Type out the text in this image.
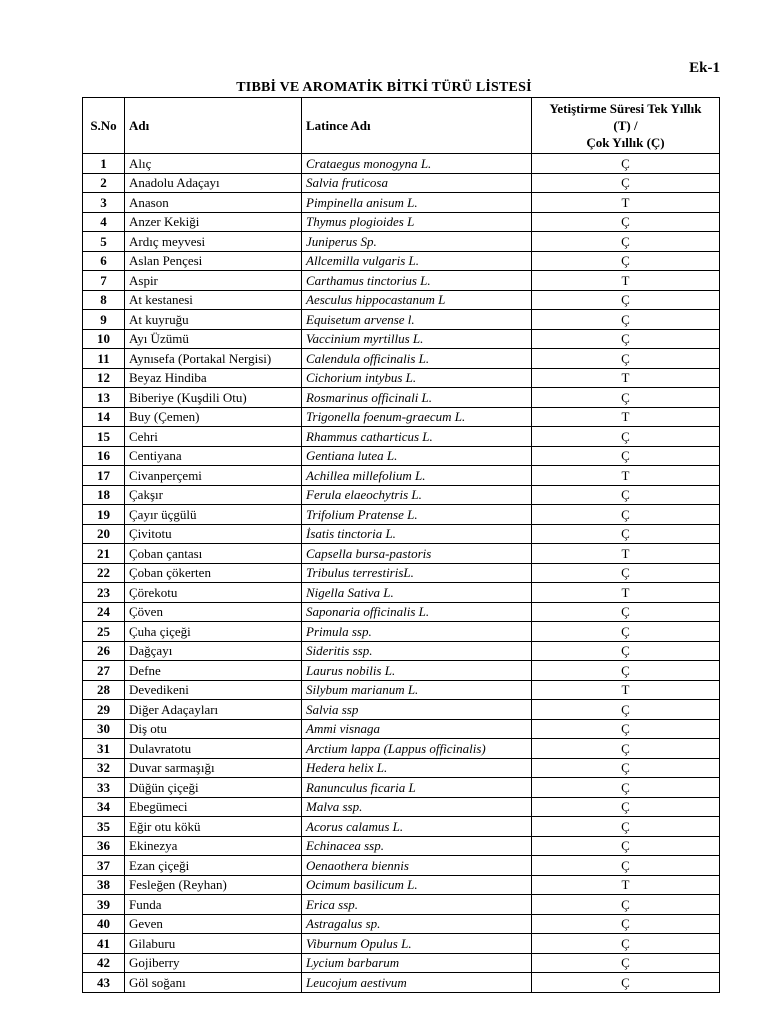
Ek-1
TIBBİ VE AROMATİK BİTKİ TÜRÜ LİSTESİ
S.No	Adı	Latince Adı	Yetiştirme Süresi Tek Yıllık
(T) /
Çok Yıllık (Ç)

1	Alıç	Crataegus monogyna L.	Ç
2	Anadolu Adaçayı	Salvia fruticosa	Ç
3	Anason	Pimpinella anisum L.	T
4	Anzer Kekiği	Thymus plogioides L	Ç
5	Ardıç meyvesi	Juniperus Sp.	Ç
6	Aslan Pençesi	Allcemilla vulgaris L.	Ç
7	Aspir	Carthamus tinctorius L.	T
8	At kestanesi	Aesculus hippocastanum L	Ç
9	At kuyruğu	Equisetum arvense l.	Ç
10	Ayı Üzümü	Vaccinium myrtillus L.	Ç
11	Aynısefa (Portakal Nergisi)	Calendula officinalis L.	Ç
12	Beyaz Hindiba	Cichorium intybus L.	T
13	Biberiye (Kuşdili Otu)	Rosmarinus officinali L.	Ç
14	Buy (Çemen)	Trigonella foenum-graecum L.	T
15	Cehri	Rhammus catharticus L.	Ç
16	Centiyana	Gentiana lutea L.	Ç
17	Civanperçemi	Achillea millefolium L.	T
18	Çakşır	Ferula elaeochytris L.	Ç
19	Çayır üçgülü	Trifolium Pratense L.	Ç
20	Çivitotu	İsatis tinctoria L.	Ç
21	Çoban çantası	Capsella bursa-pastoris	T
22	Çoban çökerten	Tribulus terrestirisL.	Ç
23	Çörekotu	Nigella Sativa L.	T
24	Çöven	Saponaria officinalis L.	Ç
25	Çuha çiçeği	Primula ssp.	Ç
26	Dağçayı	Sideritis ssp.	Ç
27	Defne	Laurus nobilis L.	Ç
28	Devedikeni	Silybum marianum L.	T
29	Diğer Adaçayları	Salvia ssp	Ç
30	Diş otu	Ammi visnaga	Ç
31	Dulavratotu	Arctium lappa (Lappus officinalis)	Ç
32	Duvar sarmaşığı	Hedera helix L.	Ç
33	Düğün çiçeği	Ranunculus ficaria L	Ç
34	Ebegümeci	Malva ssp.	Ç
35	Eğir otu kökü	Acorus calamus L.	Ç
36	Ekinezya	Echinacea ssp.	Ç
37	Ezan çiçeği	Oenaothera biennis	Ç
38	Fesleğen (Reyhan)	Ocimum basilicum L.	T
39	Funda	Erica ssp.	Ç
40	Geven	Astragalus sp.	Ç
41	Gilaburu	Viburnum Opulus L.	Ç
42	Gojiberry	Lycium barbarum	Ç
43	Göl soğanı	Leucojum aestivum	Ç
